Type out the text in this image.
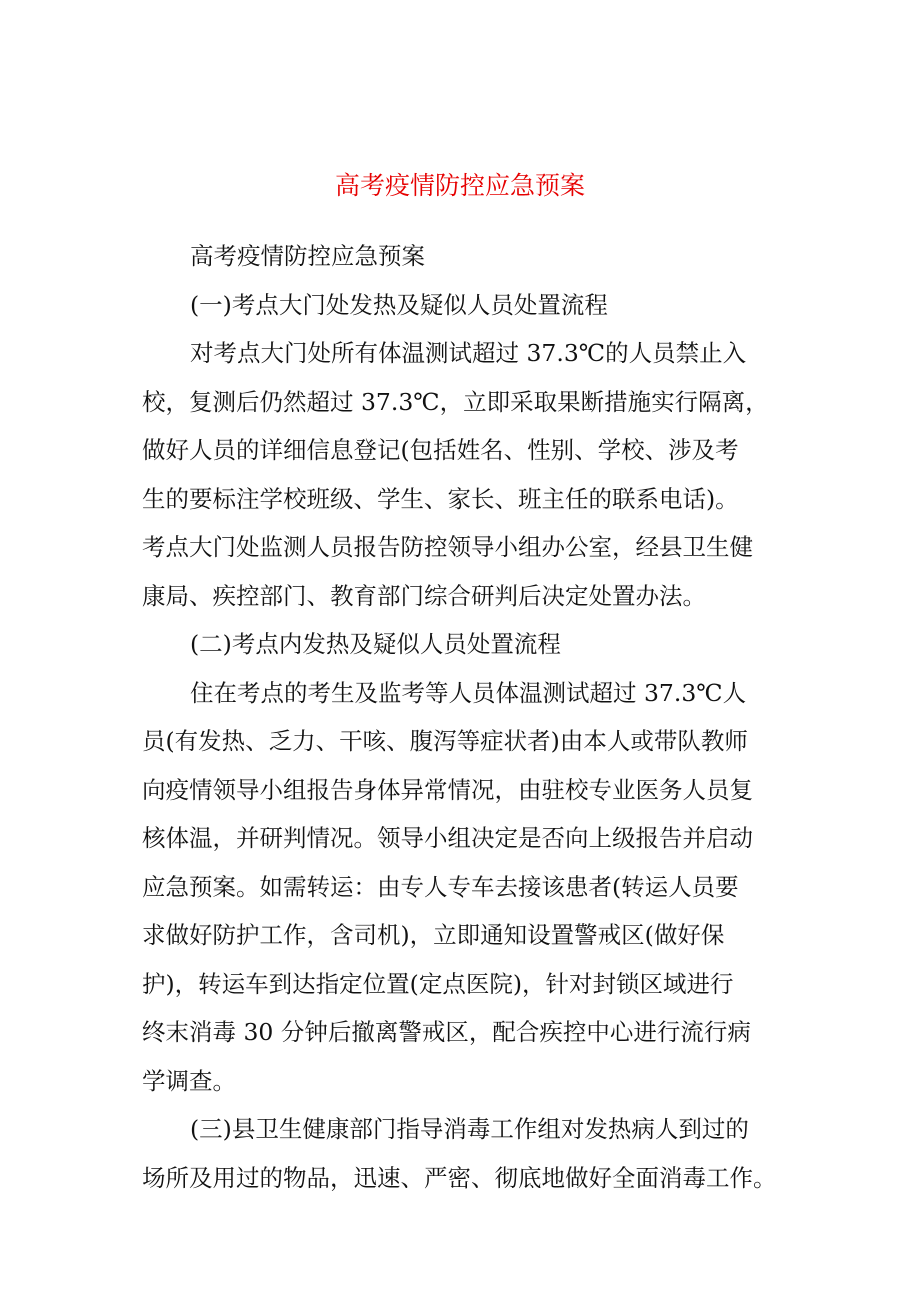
高考疫情防控应急预案

高考疫情防控应急预案

(一)考点大门处发热及疑似人员处置流程

对考点大门处所有体温测试超过 37.3℃的人员禁止入
校，复测后仍然超过 37.3℃，立即采取果断措施实行隔离，
做好人员的详细信息登记(包括姓名、性别、学校、涉及考
生的要标注学校班级、学生、家长、班主任的联系电话)。
考点大门处监测人员报告防控领导小组办公室，经县卫生健
康局、疾控部门、教育部门综合研判后决定处置办法。

(二)考点内发热及疑似人员处置流程

住在考点的考生及监考等人员体温测试超过 37.3℃人
员(有发热、乏力、干咳、腹泻等症状者)由本人或带队教师
向疫情领导小组报告身体异常情况，由驻校专业医务人员复
核体温，并研判情况。领导小组决定是否向上级报告并启动
应急预案。如需转运：由专人专车去接该患者(转运人员要
求做好防护工作，含司机)，立即通知设置警戒区(做好保
护)，转运车到达指定位置(定点医院)，针对封锁区域进行
终末消毒 30 分钟后撤离警戒区，配合疾控中心进行流行病
学调查。

(三)县卫生健康部门指导消毒工作组对发热病人到过的
场所及用过的物品，迅速、严密、彻底地做好全面消毒工作。
